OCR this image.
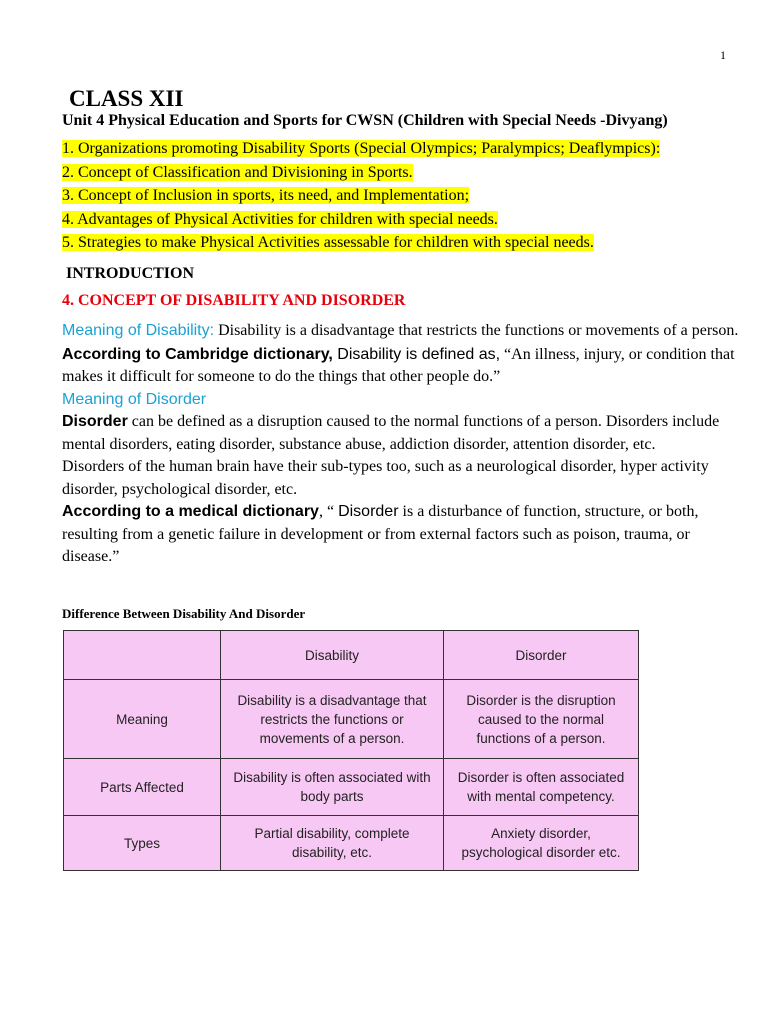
1
CLASS XII
Unit 4 Physical Education and Sports for CWSN (Children with Special Needs -Divyang)
1. Organizations promoting Disability Sports (Special Olympics; Paralympics; Deaflympics):
2. Concept of Classification and Divisioning in Sports.
3. Concept of Inclusion in sports, its need, and Implementation;
4. Advantages of Physical Activities for children with special needs.
5. Strategies to make Physical Activities assessable for children with special needs.
INTRODUCTION
4. CONCEPT OF DISABILITY AND DISORDER

Meaning of Disability: Disability is a disadvantage that restricts the functions or movements of a person.

According to Cambridge dictionary, Disability is defined as, “An illness, injury, or condition that makes it difficult for someone to do the things that other people do.”

Meaning of Disorder

Disorder can be defined as a disruption caused to the normal functions of a person. Disorders include mental disorders, eating disorder, substance abuse, addiction disorder, attention disorder, etc.

Disorders of the human brain have their sub-types too, such as a neurological disorder, hyper activity disorder, psychological disorder, etc.

According to a medical dictionary, “ Disorder is a disturbance of function, structure, or both, resulting from a genetic failure in development or from external factors such as poison, trauma, or disease.”

Difference Between Disability And Disorder
	Disability	Disorder
Meaning	Disability is a disadvantage that restricts the functions or movements of a person.	Disorder is the disruption caused to the normal functions of a person.
Parts Affected	Disability is often associated with body parts	Disorder is often associated with mental competency.
Types	Partial disability, complete disability, etc.	Anxiety disorder, psychological disorder etc.
